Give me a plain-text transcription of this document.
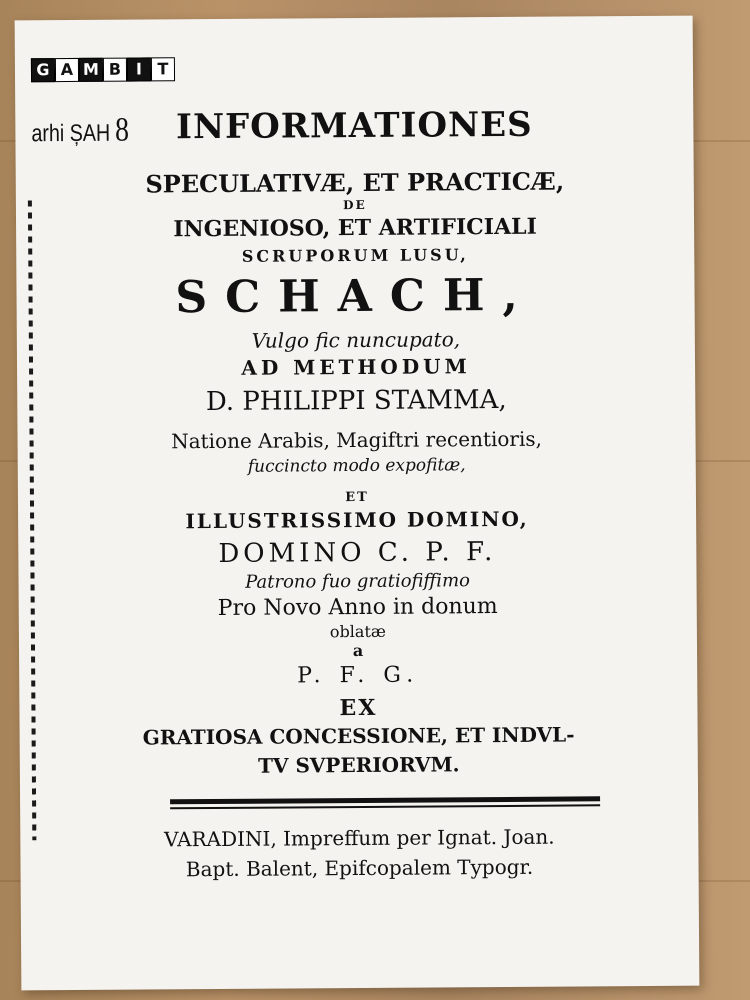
G A M B I T
arhi ȘAH 8	INFORMATIONES
SPECULATIVÆ, ET PRACTICÆ,
DE
INGENIOSO, ET ARTIFICIALI
SCRUPORUM LUSU,
SCHACH,
Vulgo fic nuncupato,
AD METHODUM
D. PHILIPPI STAMMA,
Natione Arabis, Magiftri recentioris,
fuccincto modo expofitæ,
ET
ILLUSTRISSIMO DOMINO,
DOMINO C. P. F.
Patrono fuo gratiofiffimo
Pro Novo Anno in donum
oblatæ
a
P. F. G.
EX
GRATIOSA CONCESSIONE, ET INDVL-
TV SVPERIORVM.
VARADINI, Impreffum per Ignat. Joan.
Bapt. Balent, Epifcopalem Typogr.
